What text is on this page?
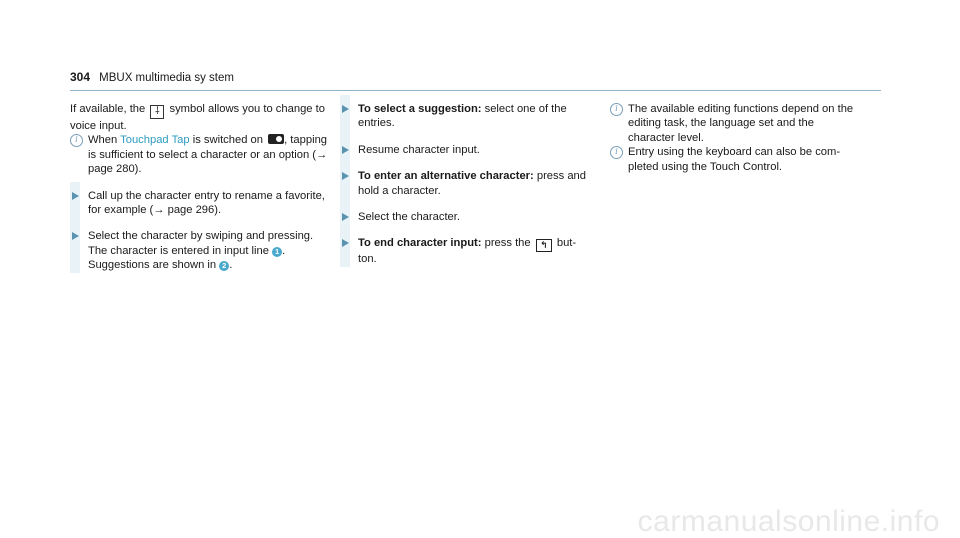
304 MBUX multimedia sy stem

If available, the ⸸ symbol allows you to change to voice input.

i When Touchpad Tap is switched on , tapping is sufficient to select a character or an option (→ page 280).

Call up the character entry to rename a favorite, for example (→ page 296).

Select the character by swiping and pressing. The character is entered in input line 1 . Suggestions are shown in 2 .

To select a suggestion: select one of the entries.

Resume character input.

To enter an alternative character: press and hold a character.

Select the character.

To end character input: press the ↰ but-ton.

i The available editing functions depend on the editing task, the language set and the character level.

i Entry using the keyboard can also be com-pleted using the Touch Control.

carmanualsonline.info
